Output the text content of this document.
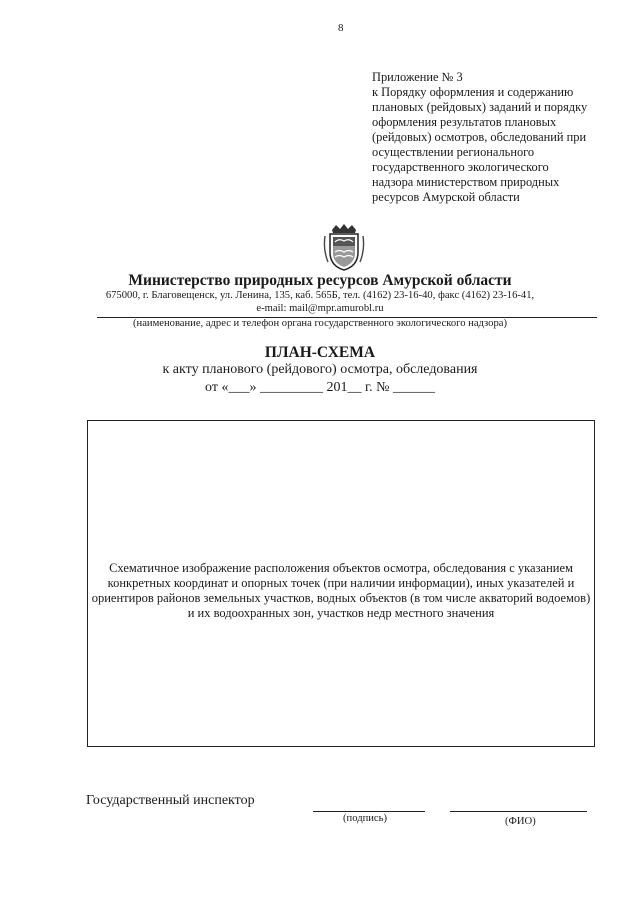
8
Приложение № 3
к Порядку оформления и содержанию
плановых (рейдовых) заданий и порядку
оформления результатов плановых
(рейдовых) осмотров, обследований при
осуществлении регионального
государственного экологического
надзора министерством природных
ресурсов Амурской области
Министерство природных ресурсов Амурской области
675000, г. Благовещенск, ул. Ленина, 135, каб. 565Б, тел. (4162) 23-16-40, факс (4162) 23-16-41,
e-mail: mail@mpr.amurobl.ru
(наименование, адрес и телефон органа государственного экологического надзора)
ПЛАН-СХЕМА
к акту планового (рейдового) осмотра, обследования
от «___» _________ 201__ г. № ______
Схематичное изображение расположения объектов осмотра, обследования с указанием конкретных координат и опорных точек (при наличии информации), иных указателей и ориентиров районов земельных участков, водных объектов (в том числе акваторий водоемов) и их водоохранных зон, участков недр местного значения
Государственный инспектор
(подпись)	(ФИО)
